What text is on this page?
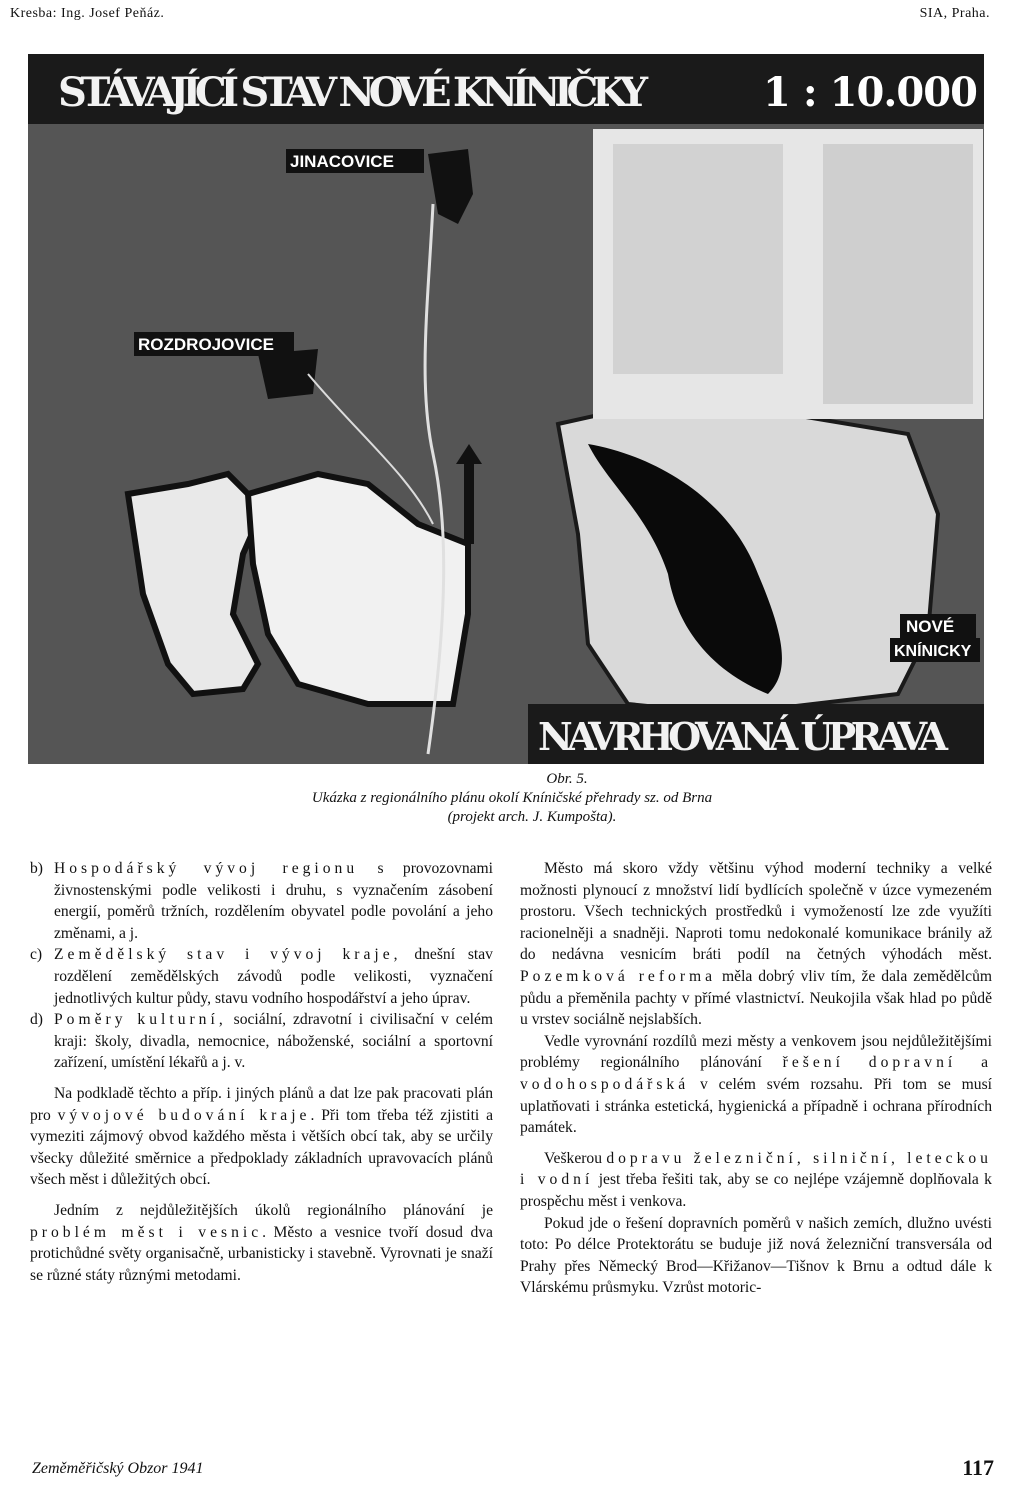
Kresba: Ing. Josef Peňáz.	SIA, Praha.
STÁVAJÍCÍ STAV NOVÉ KNÍNIČKY	1 : 10.000
JINACOVICE
ROZDROJOVICE
NOVÉ
KNÍNICKY
NAVRHOVANÁ ÚPRAVA
Obr. 5.
Ukázka z regionálního plánu okolí Kníničské přehrady sz. od Brna
(projekt arch. J. Kumpošta).
b) Hospodářský vývoj regionu s provozovnami živnostenskými podle velikosti i druhu, s vyznačením zásobení energií, poměrů tržních, rozdělením obyvatel podle povolání a jeho změnami, a j.
c) Zemědělský stav i vývoj kraje, dnešní stav rozdělení zemědělských závodů podle velikosti, vyznačení jednotlivých kultur půdy, stavu vodního hospodářství a jeho úprav.
d) Poměry kulturní, sociální, zdravotní i civilisační v celém kraji: školy, divadla, nemocnice, náboženské, sociální a sportovní zařízení, umístění lékařů a j. v.

Na podkladě těchto a příp. i jiných plánů a dat lze pak pracovati plán pro vývojové budování kraje. Při tom třeba též zjistiti a vymeziti zájmový obvod každého města i větších obcí tak, aby se určily všecky důležité směrnice a předpoklady základních upravovacích plánů všech měst i důležitých obcí.

Jedním z nejdůležitějších úkolů regionálního plánování je problém měst i vesnic. Město a vesnice tvoří dosud dva protichůdné světy organisačně, urbanisticky i stavebně. Vyrovnati je snaží se různé státy různými metodami.

Město má skoro vždy většinu výhod moderní techniky a velké možnosti plynoucí z množství lidí bydlících společně v úzce vymezeném prostoru. Všech technických prostředků i vymožeností lze zde využíti racionelněji a snadněji. Naproti tomu nedokonalé komunikace bránily až do nedávna vesnicím bráti podíl na četných výhodách měst. Pozemková reforma měla dobrý vliv tím, že dala zemědělcům půdu a přeměnila pachty v přímé vlastnictví. Neukojila však hlad po půdě u vrstev sociálně nejslabších.

Vedle vyrovnání rozdílů mezi městy a venkovem jsou nejdůležitějšími problémy regionálního plánování řešení dopravní a vodohospodářská v celém svém rozsahu. Při tom se musí uplatňovati i stránka estetická, hygienická a případně i ochrana přírodních památek.

Veškerou dopravu železniční, silniční, leteckou i vodní jest třeba řešiti tak, aby se co nejlépe vzájemně doplňovala k prospěchu měst i venkova.

Pokud jde o řešení dopravních poměrů v našich zemích, dlužno uvésti toto: Po délce Protektorátu se buduje již nová železniční transversála od Prahy přes Německý Brod—Křižanov—Tišnov k Brnu a odtud dále k Vlárskému průsmyku. Vzrůst motoric-

Zeměměřičský Obzor 1941	117
